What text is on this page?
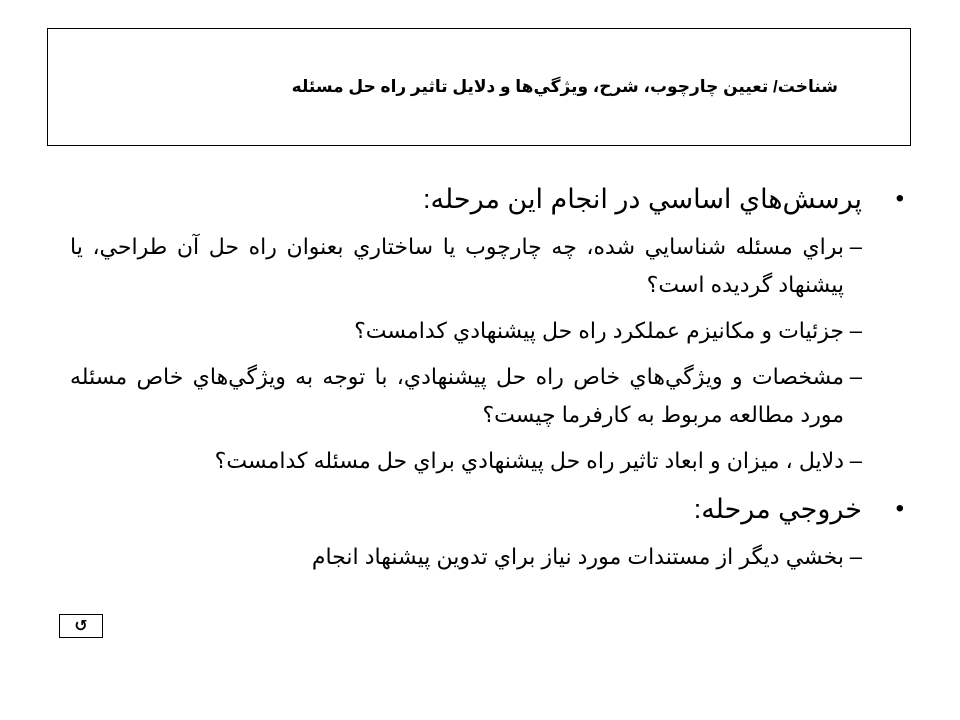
شناخت/ تعيين چارچوب، شرح، ويژگي‌ها و دلايل تاثير راه حل مسئله
• پرسش‌هاي اساسي در انجام اين مرحله:
– براي مسئله شناسايي شده، چه چارچوب يا ساختاري بعنوان راه حل آن طراحي، يا پيشنهاد گرديده است؟
– جزئيات و مكانيزم عملكرد راه حل پيشنهادي كدامست؟
– مشخصات و ويژگي‌هاي خاص راه حل پيشنهادي، با توجه به ويژگي‌هاي خاص مسئله مورد مطالعه مربوط به كارفرما چيست؟
– دلايل ، ميزان و ابعاد تاثير راه حل پيشنهادي براي حل مسئله كدامست؟
• خروجي مرحله:
– بخشي ديگر از مستندات مورد نياز براي تدوين پيشنهاد انجام
↺
